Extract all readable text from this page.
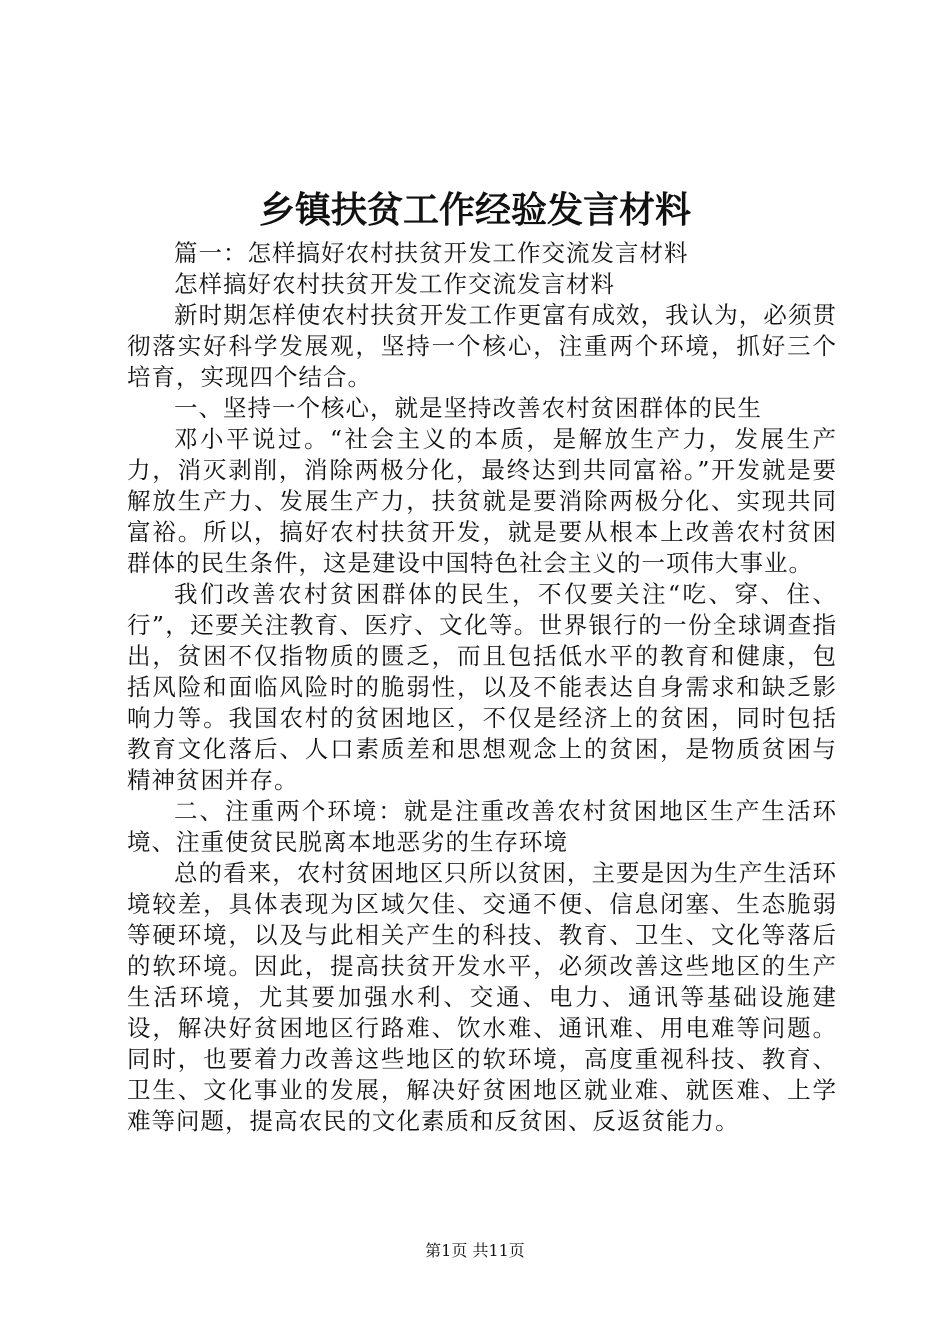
乡镇扶贫工作经验发言材料

篇一：怎样搞好农村扶贫开发工作交流发言材料

怎样搞好农村扶贫开发工作交流发言材料

新时期怎样使农村扶贫开发工作更富有成效，我认为，必须贯彻落实好科学发展观，坚持一个核心，注重两个环境，抓好三个培育，实现四个结合。

一、坚持一个核心，就是坚持改善农村贫困群体的民生

邓小平说过。“社会主义的本质，是解放生产力，发展生产力，消灭剥削，消除两极分化，最终达到共同富裕。”开发就是要解放生产力、发展生产力，扶贫就是要消除两极分化、实现共同富裕。所以，搞好农村扶贫开发，就是要从根本上改善农村贫困群体的民生条件，这是建设中国特色社会主义的一项伟大事业。

我们改善农村贫困群体的民生，不仅要关注“吃、穿、住、行”，还要关注教育、医疗、文化等。世界银行的一份全球调查指出，贫困不仅指物质的匮乏，而且包括低水平的教育和健康，包括风险和面临风险时的脆弱性，以及不能表达自身需求和缺乏影响力等。我国农村的贫困地区，不仅是经济上的贫困，同时包括教育文化落后、人口素质差和思想观念上的贫困，是物质贫困与精神贫困并存。

二、注重两个环境：就是注重改善农村贫困地区生产生活环境、注重使贫民脱离本地恶劣的生存环境

总的看来，农村贫困地区只所以贫困，主要是因为生产生活环境较差，具体表现为区域欠佳、交通不便、信息闭塞、生态脆弱等硬环境，以及与此相关产生的科技、教育、卫生、文化等落后的软环境。因此，提高扶贫开发水平，必须改善这些地区的生产生活环境，尤其要加强水利、交通、电力、通讯等基础设施建设，解决好贫困地区行路难、饮水难、通讯难、用电难等问题。同时，也要着力改善这些地区的软环境，高度重视科技、教育、卫生、文化事业的发展，解决好贫困地区就业难、就医难、上学难等问题，提高农民的文化素质和反贫困、反返贫能力。

第1页 共11页
